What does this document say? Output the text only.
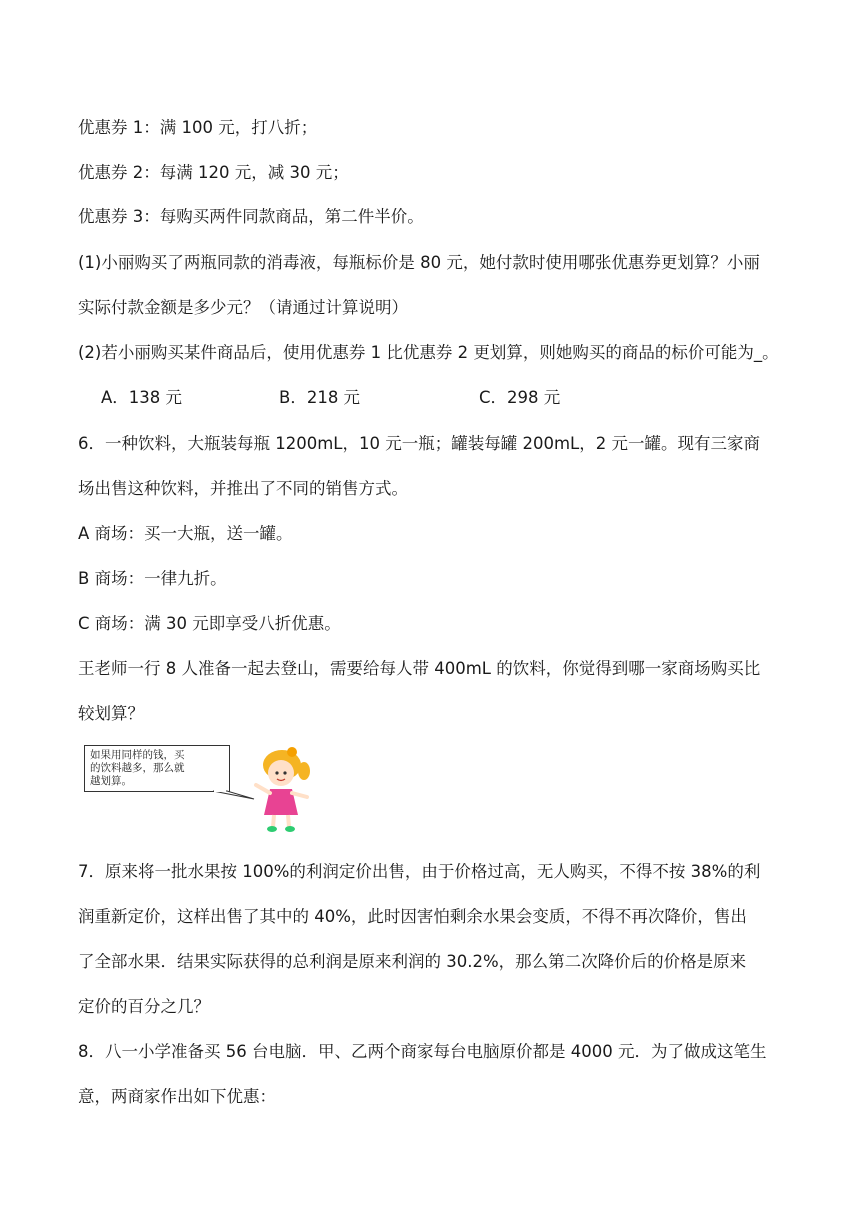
优惠券 1：满 100 元，打八折；
优惠券 2：每满 120 元，减 30 元；
优惠券 3：每购买两件同款商品，第二件半价。
(1)小丽购买了两瓶同款的消毒液，每瓶标价是 80 元，她付款时使用哪张优惠券更划算？小丽
实际付款金额是多少元？（请通过计算说明）
(2)若小丽购买某件商品后，使用优惠券 1 比优惠券 2 更划算，则她购买的商品的标价可能为_。
A．138 元	B．218 元	C．298 元
6．一种饮料，大瓶装每瓶 1200mL，10 元一瓶；罐装每罐 200mL，2 元一罐。现有三家商
场出售这种饮料，并推出了不同的销售方式。
A 商场：买一大瓶，送一罐。
B 商场：一律九折。
C 商场：满 30 元即享受八折优惠。
王老师一行 8 人准备一起去登山，需要给每人带 400mL 的饮料，你觉得到哪一家商场购买比
较划算？
如果用同样的钱，买
的饮料越多，那么就
越划算。
7．原来将一批水果按 100%的利润定价出售，由于价格过高，无人购买，不得不按 38%的利
润重新定价，这样出售了其中的 40%，此时因害怕剩余水果会变质，不得不再次降价，售出
了全部水果．结果实际获得的总利润是原来利润的 30.2%，那么第二次降价后的价格是原来
定价的百分之几？
8．八一小学准备买 56 台电脑．甲、乙两个商家每台电脑原价都是 4000 元．为了做成这笔生
意，两商家作出如下优惠：
